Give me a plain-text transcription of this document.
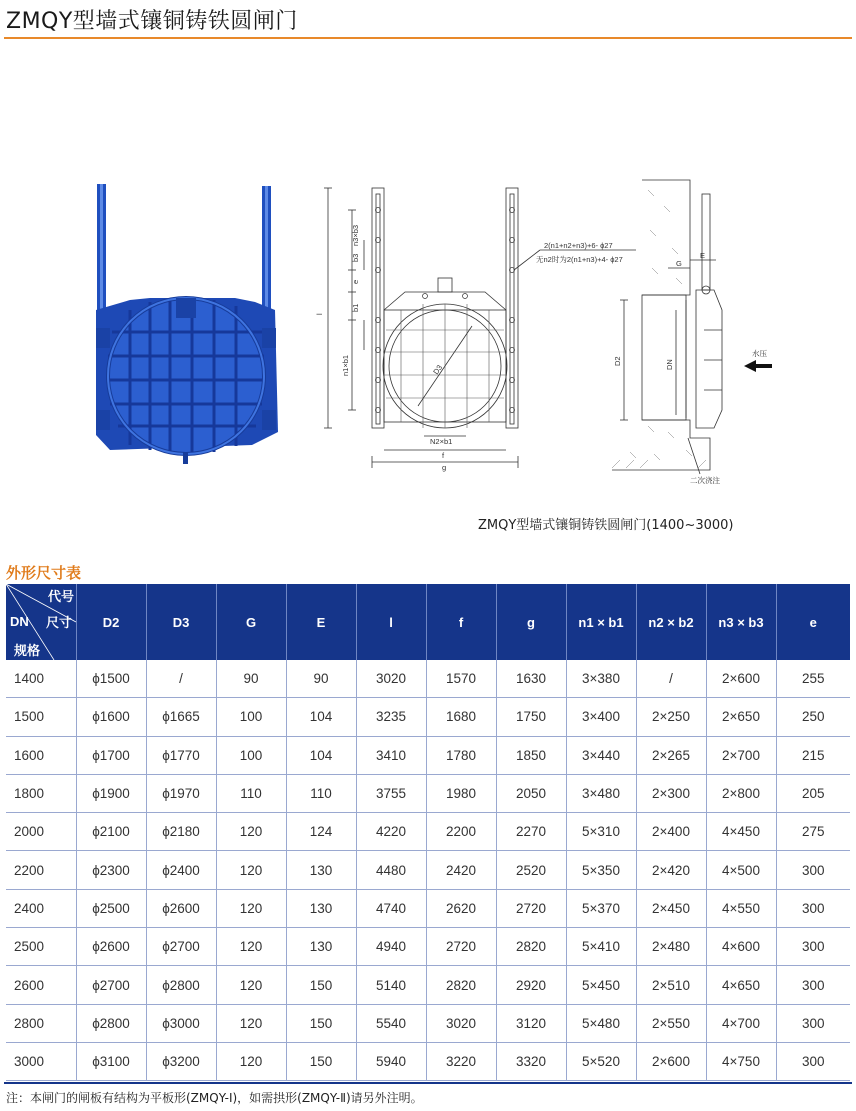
ZMQY型墙式镶铜铸铁圆闸门
n3×b3
b3
e
b1
n1×b1
l
D3
N2×b1
f
g
2(n1+n2+n3)+6- ϕ27
无n2时为2(n1+n3)+4- ϕ27	G
E
D2	DN
水压
二次浇注
ZMQY型墙式镶铜铸铁圆闸门(1400~3000)
外形尺寸表
代号
尺寸
DN
规格	D2	D3	G	E	l	f	g	n1 × b1	n2 × b2	n3 × b3	e
1400	ϕ1500	/	90	90	3020	1570	1630	3×380	/	2×600	255
1500	ϕ1600	ϕ1665	100	104	3235	1680	1750	3×400	2×250	2×650	250
1600	ϕ1700	ϕ1770	100	104	3410	1780	1850	3×440	2×265	2×700	215
1800	ϕ1900	ϕ1970	110	110	3755	1980	2050	3×480	2×300	2×800	205
2000	ϕ2100	ϕ2180	120	124	4220	2200	2270	5×310	2×400	4×450	275
2200	ϕ2300	ϕ2400	120	130	4480	2420	2520	5×350	2×420	4×500	300
2400	ϕ2500	ϕ2600	120	130	4740	2620	2720	5×370	2×450	4×550	300
2500	ϕ2600	ϕ2700	120	130	4940	2720	2820	5×410	2×480	4×600	300
2600	ϕ2700	ϕ2800	120	150	5140	2820	2920	5×450	2×510	4×650	300
2800	ϕ2800	ϕ3000	120	150	5540	3020	3120	5×480	2×550	4×700	300
3000	ϕ3100	ϕ3200	120	150	5940	3220	3320	5×520	2×600	4×750	300
注：本闸门的闸板有结构为平板形(ZMQY-Ⅰ)，如需拱形(ZMQY-Ⅱ)请另外注明。
